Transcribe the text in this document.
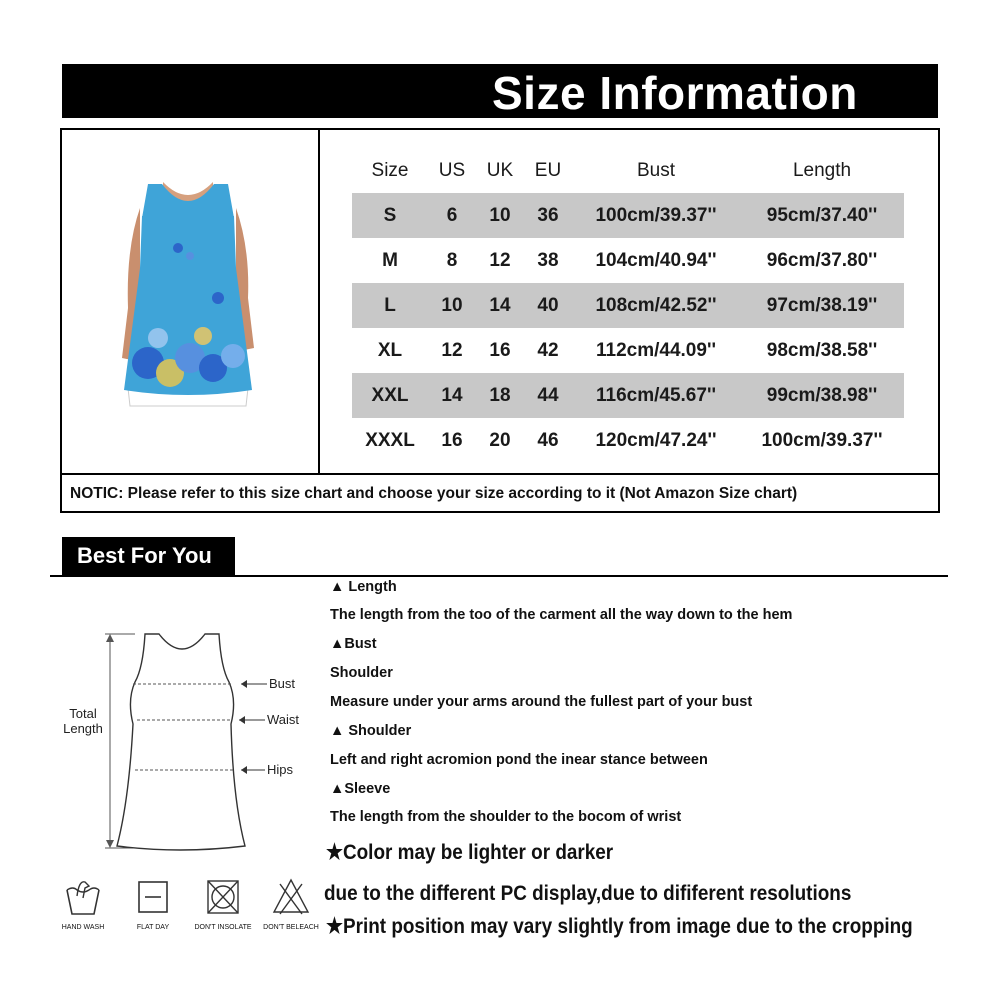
Size Information
Size	US	UK	EU	Bust	Length
S	6	10	36	100cm/39.37''	95cm/37.40''
M	8	12	38	104cm/40.94''	96cm/37.80''
L	10	14	40	108cm/42.52''	97cm/38.19''
XL	12	16	42	112cm/44.09''	98cm/38.58''
XXL	14	18	44	116cm/45.67''	99cm/38.98''
XXXL	16	20	46	120cm/47.24''	100cm/39.37''
NOTIC: Please refer to this size chart and choose your size according to it (Not Amazon Size chart)
Best For You
Total
Length
Bust
Waist
Hips
▲ Length
The length from the too of the carment all the way down to the hem
▲Bust
Shoulder
Measure under your arms around the fullest part of your bust
▲ Shoulder
Left and right acromion pond the inear stance between
▲Sleeve
The length from the shoulder to the bocom of wrist
★Color may be lighter or darker
due to the different PC display,due to dififerent resolutions
★Print position may vary slightly from image due to the cropping
HAND WASH	FLAT DAY	DON'T INSOLATE	DON'T BELEACH
